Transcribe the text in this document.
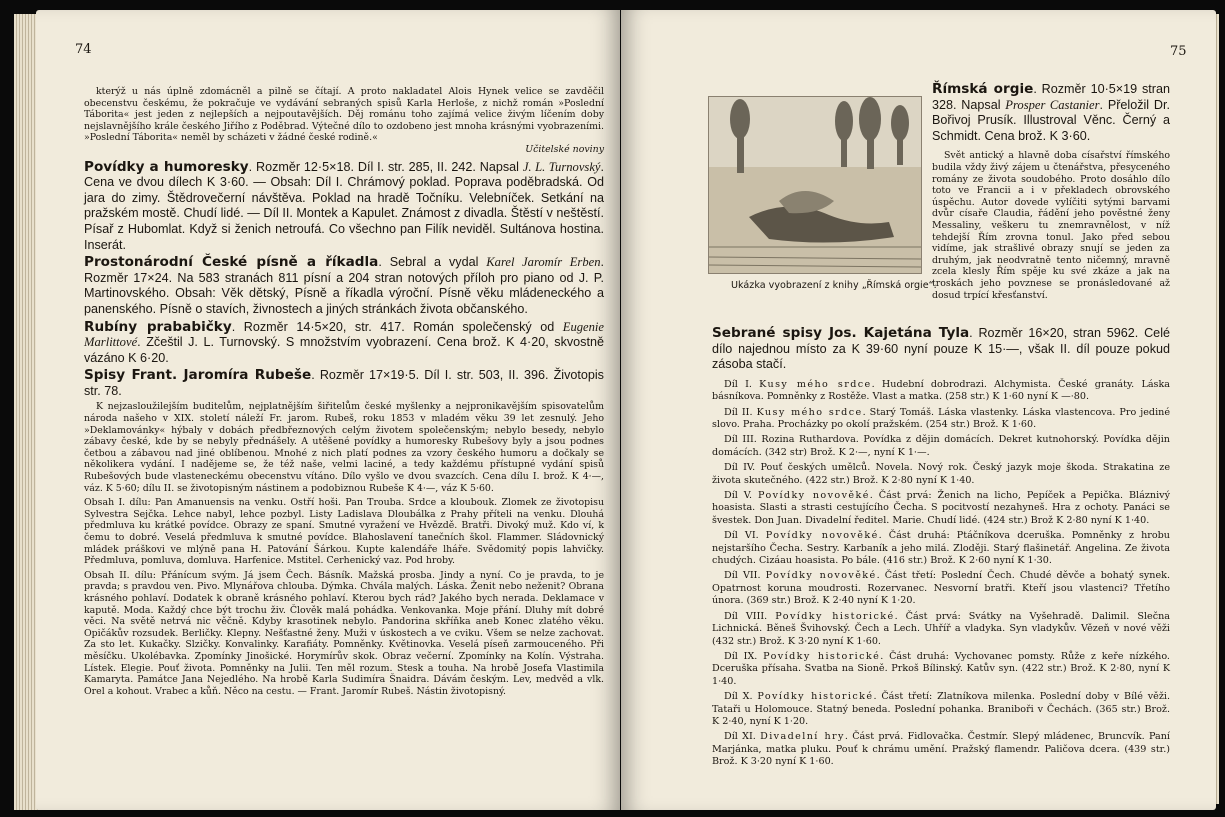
74
kterýž u nás úplně zdomácněl a pilně se čítají. A proto nakladatel Alois Hynek velice se zavděčil obecenstvu českému, že pokračuje ve vydávání sebraných spisů Karla Herloše, z nichž román »Poslední Táborita« jest jeden z nejlepších a nejpoutavějších. Děj románu toho zajímá velice živým líčením doby nejslavnějšího krále českého Jiřího z Poděbrad. Výtečné dílo to ozdobeno jest mnoha krásnými vyobrazeními. »Poslední Táborita« neměl by scházeti v žádné české rodině.«
Učitelské noviny

Povídky a humoresky. Rozměr 12·5×18. Díl I. str. 285, II. 242. Napsal J. L. Turnovský. Cena ve dvou dílech K 3·60. — Obsah: Díl I. Chrámový poklad. Poprava poděbradská. Od jara do zimy. Štědrovečerní návštěva. Poklad na hradě Točníku. Velebníček. Setkání na pražském mostě. Chudí lidé. — Díl II. Montek a Kapulet. Známost z divadla. Štěstí v neštěstí. Písař z Hubomlat. Když si ženich netroufá. Co všechno pan Filík neviděl. Sultánova hostina. Inserát.

Prostonárodní České písně a říkadla. Sebral a vydal Karel Jaromír Erben. Rozměr 17×24. Na 583 stranách 811 písní a 204 stran notových příloh pro piano od J. P. Martinovského. Obsah: Věk dětský, Písně a říkadla výroční. Písně věku mládeneckého a panenského. Písně o stavích, živnostech a jiných stránkách života občanského.

Rubíny prababičky. Rozměr 14·5×20, str. 417. Román společenský od Eugenie Marlittové. Zčeštil J. L. Turnovský. S množstvím vyobrazení. Cena brož. K 4·20, skvostně vázáno K 6·20.

Spisy Frant. Jaromíra Rubeše. Rozměr 17×19·5. Díl I. str. 503, II. 396. Životopis str. 78.

K nejzasloužilejším buditelům, nejplatnějším šiřitelům české myšlenky a nejpronikavějším spisovatelům národa našeho v XIX. století náleží Fr. jarom. Rubeš, roku 1853 v mladém věku 39 let zesnulý. Jeho »Deklamovánky« hýbaly v dobách předbřeznových celým životem společenským; nebylo besedy, nebylo zábavy české, kde by se nebyly přednášely. A utěšené povídky a humoresky Rubešovy byly a jsou podnes četbou a zábavou nad jiné oblíbenou. Mnohé z nich platí podnes za vzory českého humoru a dočkaly se několikera vydání. I nadějeme se, že též naše, velmi laciné, a tedy každému přístupné vydání spisů Rubešových bude vlasteneckému obecenstvu vítáno. Dílo vyšlo ve dvou svazcích. Cena dílu I. brož. K 4·—, váz. K 5·60; dílu II. se životopisným nástinem a podobiznou Rubeše K 4·—, váz K 5·60.

Obsah I. dílu: Pan Amanuensis na venku. Ostří hoši. Pan Trouba. Srdce a kloubouk. Zlomek ze životopisu Sylvestra Sejčka. Lehce nabyl, lehce pozbyl. Listy Ladislava Dloubálka z Prahy příteli na venku. Dlouhá předmluva ku krátké povídce. Obrazy ze spaní. Smutné vyražení ve Hvězdě. Bratři. Divoký muž. Kdo ví, k čemu to dobré. Veselá předmluva k smutné povídce. Blahoslavení tanečních škol. Flammer. Sládovnický mládek práškovi ve mlýně pana H. Patování Šárkou. Kupte kalendáře lháře. Svědomitý popis lahvičky. Předmluva, pomluva, domluva. Harfenice. Mstitel. Cerhenický vaz. Pod hroby.

Obsah II. dílu: Přánícum svým. Já jsem Čech. Básník. Mažská prosba. Jindy a nyní. Co je pravda, to je pravda; s pravdou ven. Pivo. Mlynářova chloubа. Dýmka. Chvála malých. Láska. Ženit nebo neženit? Obrana krásného pohlaví. Dodatek k obraně krásného pohlaví. Kterou bych rád? Jakého bych nerada. Deklamace v kaputě. Moda. Každý chce být trochu živ. Člověk malá pohádka. Venkovanka. Moje přání. Dluhy mít dobré věci. Na světě netrvá nic věčně. Kdyby krasotinek nebylo. Pandorina skříňka aneb Konec zlatého věku. Opičákův rozsudek. Berličky. Klepny. Nešťastné ženy. Muži v úskostech a ve cviku. Všem se nelze zachovat. Za sto let. Kukačky. Slzičky. Konvalinky. Karafiáty. Pomněnky. Květinovka. Veselá píseň zarmouceného. Při měsíčku. Ukolébavka. Zpomínky Jinošické. Horymírův skok. Obraz večerní. Zpomínky na Kolín. Výstraha. Lístek. Elegie. Pouť života. Pomněnky na Julii. Ten měl rozum. Stesk a touha. Na hrobě Josefa Vlastimila Kamaryta. Památce Jana Nejedlého. Na hrobě Karla Sudimíra Šnaidra. Dávám českým. Lev, medvěd a vlk. Orel a kohout. Vrabec a kůň. Něco na cestu. — Frant. Jaromír Rubeš. Nástin životopisný.

75
Ukázka vyobrazení z knihy „Římská orgie“.

Římská orgie. Rozměr 10·5×19 stran 328. Napsal Prosper Castanier. Přeložil Dr. Bořivoj Prusík. Illustroval Věnc. Černý a Schmidt. Cena brož. K 3·60.

Svět antický a hlavně doba císařství římského budila vždy živý zájem u čtenářstva, přesyceného romány ze života soudobého. Proto dosáhlo dílo toto ve Francii a i v překladech obrovského úspěchu. Autor dovede vylíčiti sytými barvami dvůr císaře Claudia, řádění jeho pověstné ženy Messaliny, veškeru tu znemravnělost, v níž tehdejší Řím zrovna tonul. Jako před sebou vidíme, jak strašlivé obrazy snují se jeden za druhým, jak neodvratně tento ničemný, mravně zcela klesly Řím spěje ku své zkáze a jak na troskách jeho povznese se pronásledované až dosud trpící křesťanství.

Sebrané spisy Jos. Kajetána Tyla. Rozměr 16×20, stran 5962. Celé dílo najednou místo za K 39·60 nyní pouze K 15·—, však II. díl pouze pokud zásoba stačí.

Díl I. Kusy mého srdce. Hudební dobrodrazi. Alchymista. České granáty. Láska básníkova. Pomněnky z Rostěže. Vlast a matka. (258 str.) K 1·60 nyní K —·80.

Díl II. Kusy mého srdce. Starý Tomáš. Láska vlastenky. Láska vlastencova. Pro jediné slovo. Praha. Procházky po okolí pražském. (254 str.) Brož. K 1·60.

Díl III. Rozina Ruthardova. Povídka z dějin domácích. Dekret kutnohorský. Povídka dějin domácích. (342 str) Brož. K 2·—, nyní K 1·—.

Díl IV. Pouť českých umělců. Novela. Nový rok. Český jazyk moje škoda. Strakatina ze života skutečného. (422 str.) Brož. K 2·80 nyní K 1·40.

Díl V. Povídky novověké. Část prvá: Ženich na licho, Pepíček a Pepička. Bláznivý hoasista. Slasti a strasti cestujícího Čecha. S pocitvostí nezahyneš. Hra z ochoty. Panáci se švestek. Don Juan. Divadelní ředitel. Marie. Chudí lidé. (424 str.) Brož K 2·80 nyní K 1·40.

Díl VI. Povídky novověké. Část druhá: Ptáčníkova dceruška. Pomněnky z hrobu nejstaršího Čecha. Sestry. Karbaník a jeho milá. Zloději. Starý flašinetář. Angelina. Ze života chudých. Cizáau hoasista. Po bále. (416 str.) Brož. K 2·60 nyní K 1·30.

Díl VII. Povídky novověké. Část třetí: Poslední Čech. Chudé děvče a bohatý synek. Opatrnost koruna moudrosti. Rozervanec. Nesvorní bratři. Kteří jsou vlastenci? Třetího února. (369 str.) Brož. K 2·40 nyní K 1·20.

Díl VIII. Povídky historické. Část prvá: Svátky na Vyšehradě. Dalimil. Slečna Lichnická. Běneš Švihovský. Čech a Lech. Uhříř a vladyka. Syn vladykův. Vězeň v nové věži (432 str.) Brož. K 3·20 nyní K 1·60.

Díl IX. Povídky historické. Část druhá: Vychovanec pomsty. Růže z keře nízkého. Dceruška přísaha. Svatba na Sioně. Prkoš Bílinský. Katův syn. (422 str.) Brož. K 2·80, nyní K 1·40.

Díl X. Povídky historické. Část třetí: Zlatníkova milenka. Poslední doby v Bílé věži. Tataři u Holomouce. Statný beneda. Poslední pohanka. Braniboři v Čechách. (365 str.) Brož. K 2·40, nyní K 1·20.

Díl XI. Divadelní hry. Část prvá. Fidlovačka. Čestmír. Slepý mládenec, Bruncvík. Paní Marjánka, matka pluku. Pouť k chrámu umění. Pražský flamendr. Paličova dcera. (439 str.) Brož. K 3·20 nyní K 1·60.
